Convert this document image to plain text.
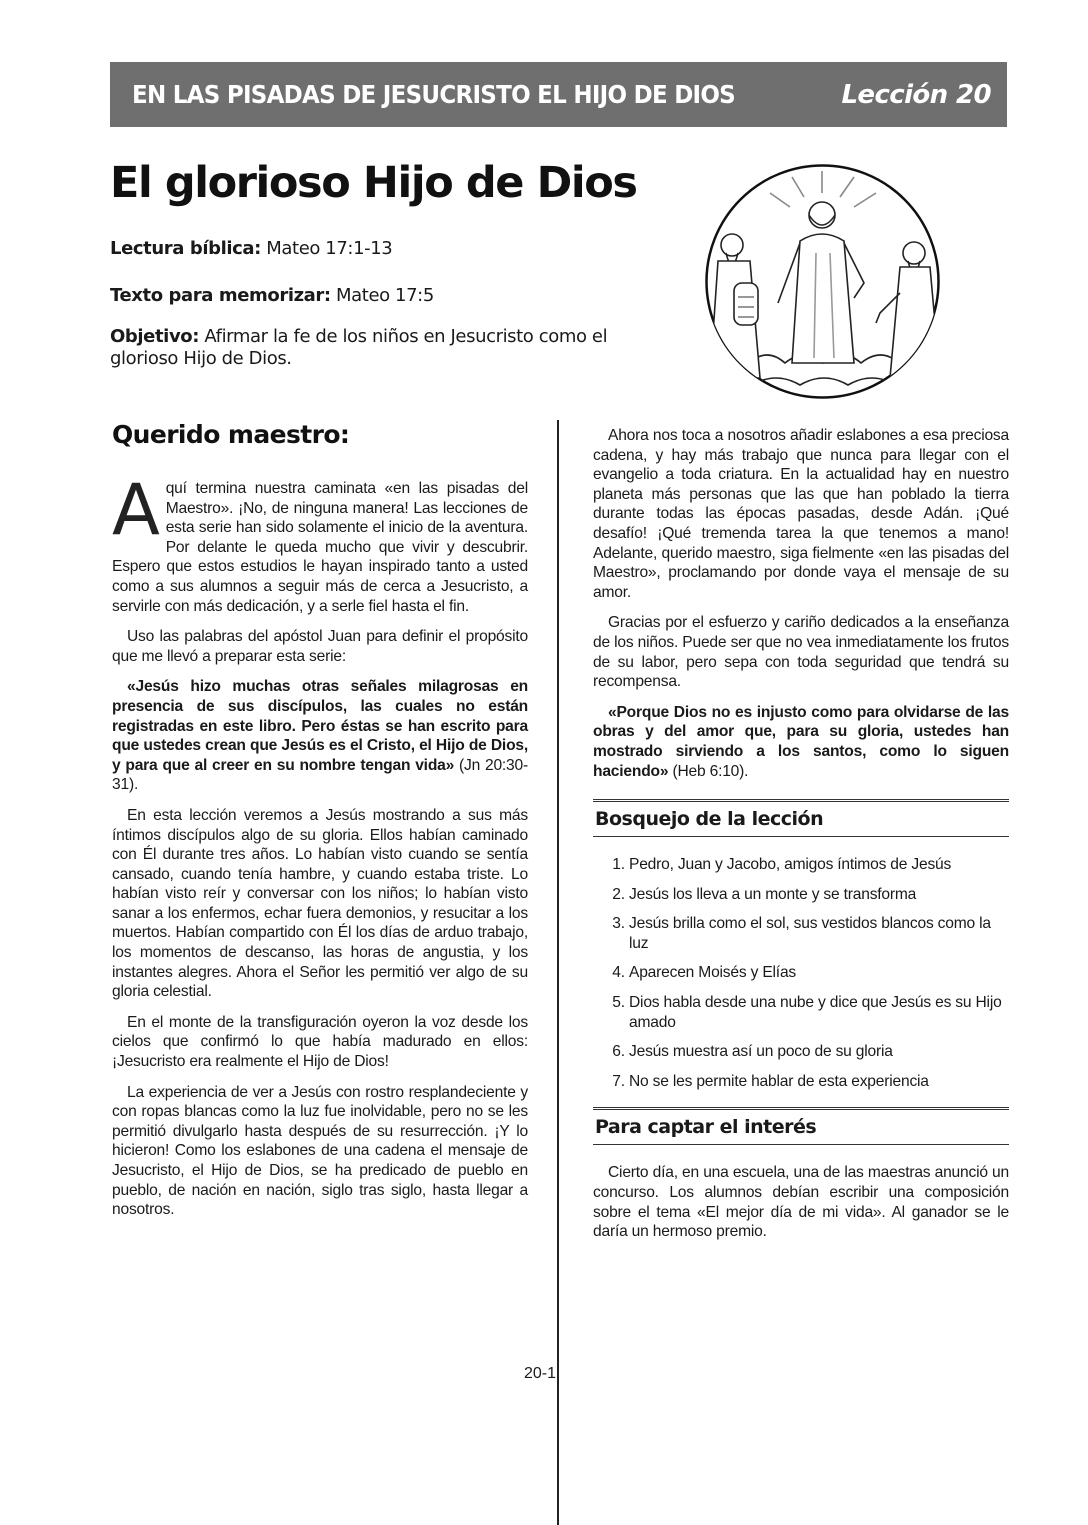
EN LAS PISADAS DE JESUCRISTO EL HIJO DE DIOS	Lección 20
El glorioso Hijo de Dios
Lectura bíblica: Mateo 17:1-13
Texto para memorizar: Mateo 17:5
Objetivo: Afirmar la fe de los niños en Jesucristo como el glorioso Hijo de Dios.
Querido maestro:

Aquí termina nuestra caminata «en las pisadas del Maestro». ¡No, de ninguna manera! Las lecciones de esta serie han sido solamente el inicio de la aventura. Por delante le queda mucho que vivir y descubrir. Espero que estos estudios le hayan inspirado tanto a usted como a sus alumnos a seguir más de cerca a Jesucristo, a servirle con más dedicación, y a serle fiel hasta el fin.

Uso las palabras del apóstol Juan para definir el propósito que me llevó a preparar esta serie:

«Jesús hizo muchas otras señales milagrosas en presencia de sus discípulos, las cuales no están registradas en este libro. Pero éstas se han escrito para que ustedes crean que Jesús es el Cristo, el Hijo de Dios, y para que al creer en su nombre tengan vida» (Jn 20:30-31).

En esta lección veremos a Jesús mostrando a sus más íntimos discípulos algo de su gloria. Ellos habían caminado con Él durante tres años. Lo habían visto cuando se sentía cansado, cuando tenía hambre, y cuando estaba triste. Lo habían visto reír y conversar con los niños; lo habían visto sanar a los enfermos, echar fuera demonios, y resucitar a los muertos. Habían compartido con Él los días de arduo trabajo, los momentos de descanso, las horas de angustia, y los instantes alegres. Ahora el Señor les permitió ver algo de su gloria celestial.

En el monte de la transfiguración oyeron la voz desde los cielos que confirmó lo que había madurado en ellos: ¡Jesucristo era realmente el Hijo de Dios!

La experiencia de ver a Jesús con rostro resplandeciente y con ropas blancas como la luz fue inolvidable, pero no se les permitió divulgarlo hasta después de su resurrección. ¡Y lo hicieron! Como los eslabones de una cadena el mensaje de Jesucristo, el Hijo de Dios, se ha predicado de pueblo en pueblo, de nación en nación, siglo tras siglo, hasta llegar a nosotros.

Ahora nos toca a nosotros añadir eslabones a esa preciosa cadena, y hay más trabajo que nunca para llegar con el evangelio a toda criatura. En la actualidad hay en nuestro planeta más personas que las que han poblado la tierra durante todas las épocas pasadas, desde Adán. ¡Qué desafío! ¡Qué tremenda tarea la que tenemos a mano! Adelante, querido maestro, siga fielmente «en las pisadas del Maestro», proclamando por donde vaya el mensaje de su amor.

Gracias por el esfuerzo y cariño dedicados a la enseñanza de los niños. Puede ser que no vea inmediatamente los frutos de su labor, pero sepa con toda seguridad que tendrá su recompensa.

«Porque Dios no es injusto como para olvidarse de las obras y del amor que, para su gloria, ustedes han mostrado sirviendo a los santos, como lo siguen haciendo» (Heb 6:10).

Bosquejo de la lección
1. Pedro, Juan y Jacobo, amigos íntimos de Jesús
2. Jesús los lleva a un monte y se transforma
3. Jesús brilla como el sol, sus vestidos blancos como la luz
4. Aparecen Moisés y Elías
5. Dios habla desde una nube y dice que Jesús es su Hijo amado
6. Jesús muestra así un poco de su gloria
7. No se les permite hablar de esta experiencia
Para captar el interés

Cierto día, en una escuela, una de las maestras anunció un concurso. Los alumnos debían escribir una composición sobre el tema «El mejor día de mi vida». Al ganador se le daría un hermoso premio.

20-1
